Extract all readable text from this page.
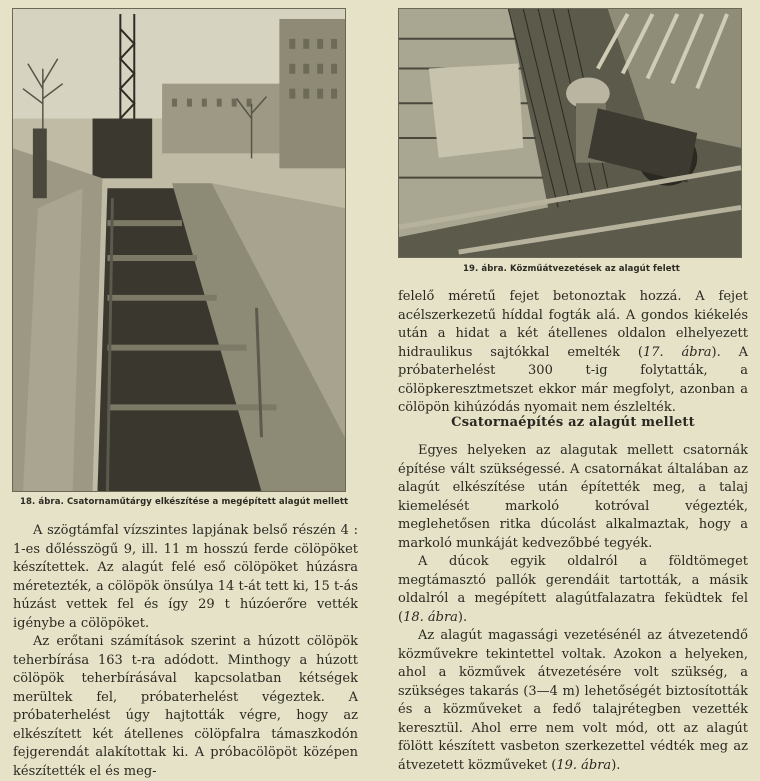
18. ábra. Csatornaműtárgy elkészítése a megépített alagút mellett
19. ábra. Közműátvezetések az alagút felett

A szögtámfal vízszintes lapjának belső részén 4 : 1-es dőlésszögű 9, ill. 11 m hosszú ferde cölöpöket készítettek. Az alagút felé eső cölöpöket húzásra méretezték, a cölöpök önsúlya 14 t-át tett ki, 15 t-ás húzást vettek fel és így 29 t húzóerőre vették igénybe a cölöpöket.

Az erőtani számítások szerint a húzott cölöpök teherbírása 163 t-ra adódott. Minthogy a húzott cölöpök teherbírásával kapcsolatban kétségek merültek fel, próbaterhelést végeztek. A próbaterhelést úgy hajtották végre, hogy az elkészített két átellenes cölöpfalra támaszkodón fejgerendát alakítottak ki. A próbacölöpöt középen készítették el és meg-

felelő méretű fejet betonoztak hozzá. A fejet acélszerkezetű híddal fogták alá. A gondos kiékelés után a hidat a két átellenes oldalon elhelyezett hidraulikus sajtókkal emelték (17. ábra). A próbaterhelést 300 t-ig folytatták, a cölöpkeresztmetszet ekkor már megfolyt, azonban a cölöpön kihúzódás nyomait nem észlelték.

Csatornaépítés az alagút mellett

Egyes helyeken az alagutak mellett csatornák építése vált szükségessé. A csatornákat általában az alagút elkészítése után építették meg, a talaj kiemelését markoló kotróval végezték, meglehetősen ritka dúcolást alkalmaztak, hogy a markoló munkáját kedvezőbbé tegyék.

A dúcok egyik oldalról a földtömeget megtámasztó pallók gerendáit tartották, a másik oldalról a megépített alagútfalazatra feküdtek fel (18. ábra).

Az alagút magassági vezetésénél az átvezetendő közművekre tekintettel voltak. Azokon a helyeken, ahol a közművek átvezetésére volt szükség, a szükséges takarás (3—4 m) lehetőségét biztosították és a közműveket a fedő talajrétegben vezették keresztül. Ahol erre nem volt mód, ott az alagút fölött készített vasbeton szerkezettel védték meg az átvezetett közműveket (19. ábra).
